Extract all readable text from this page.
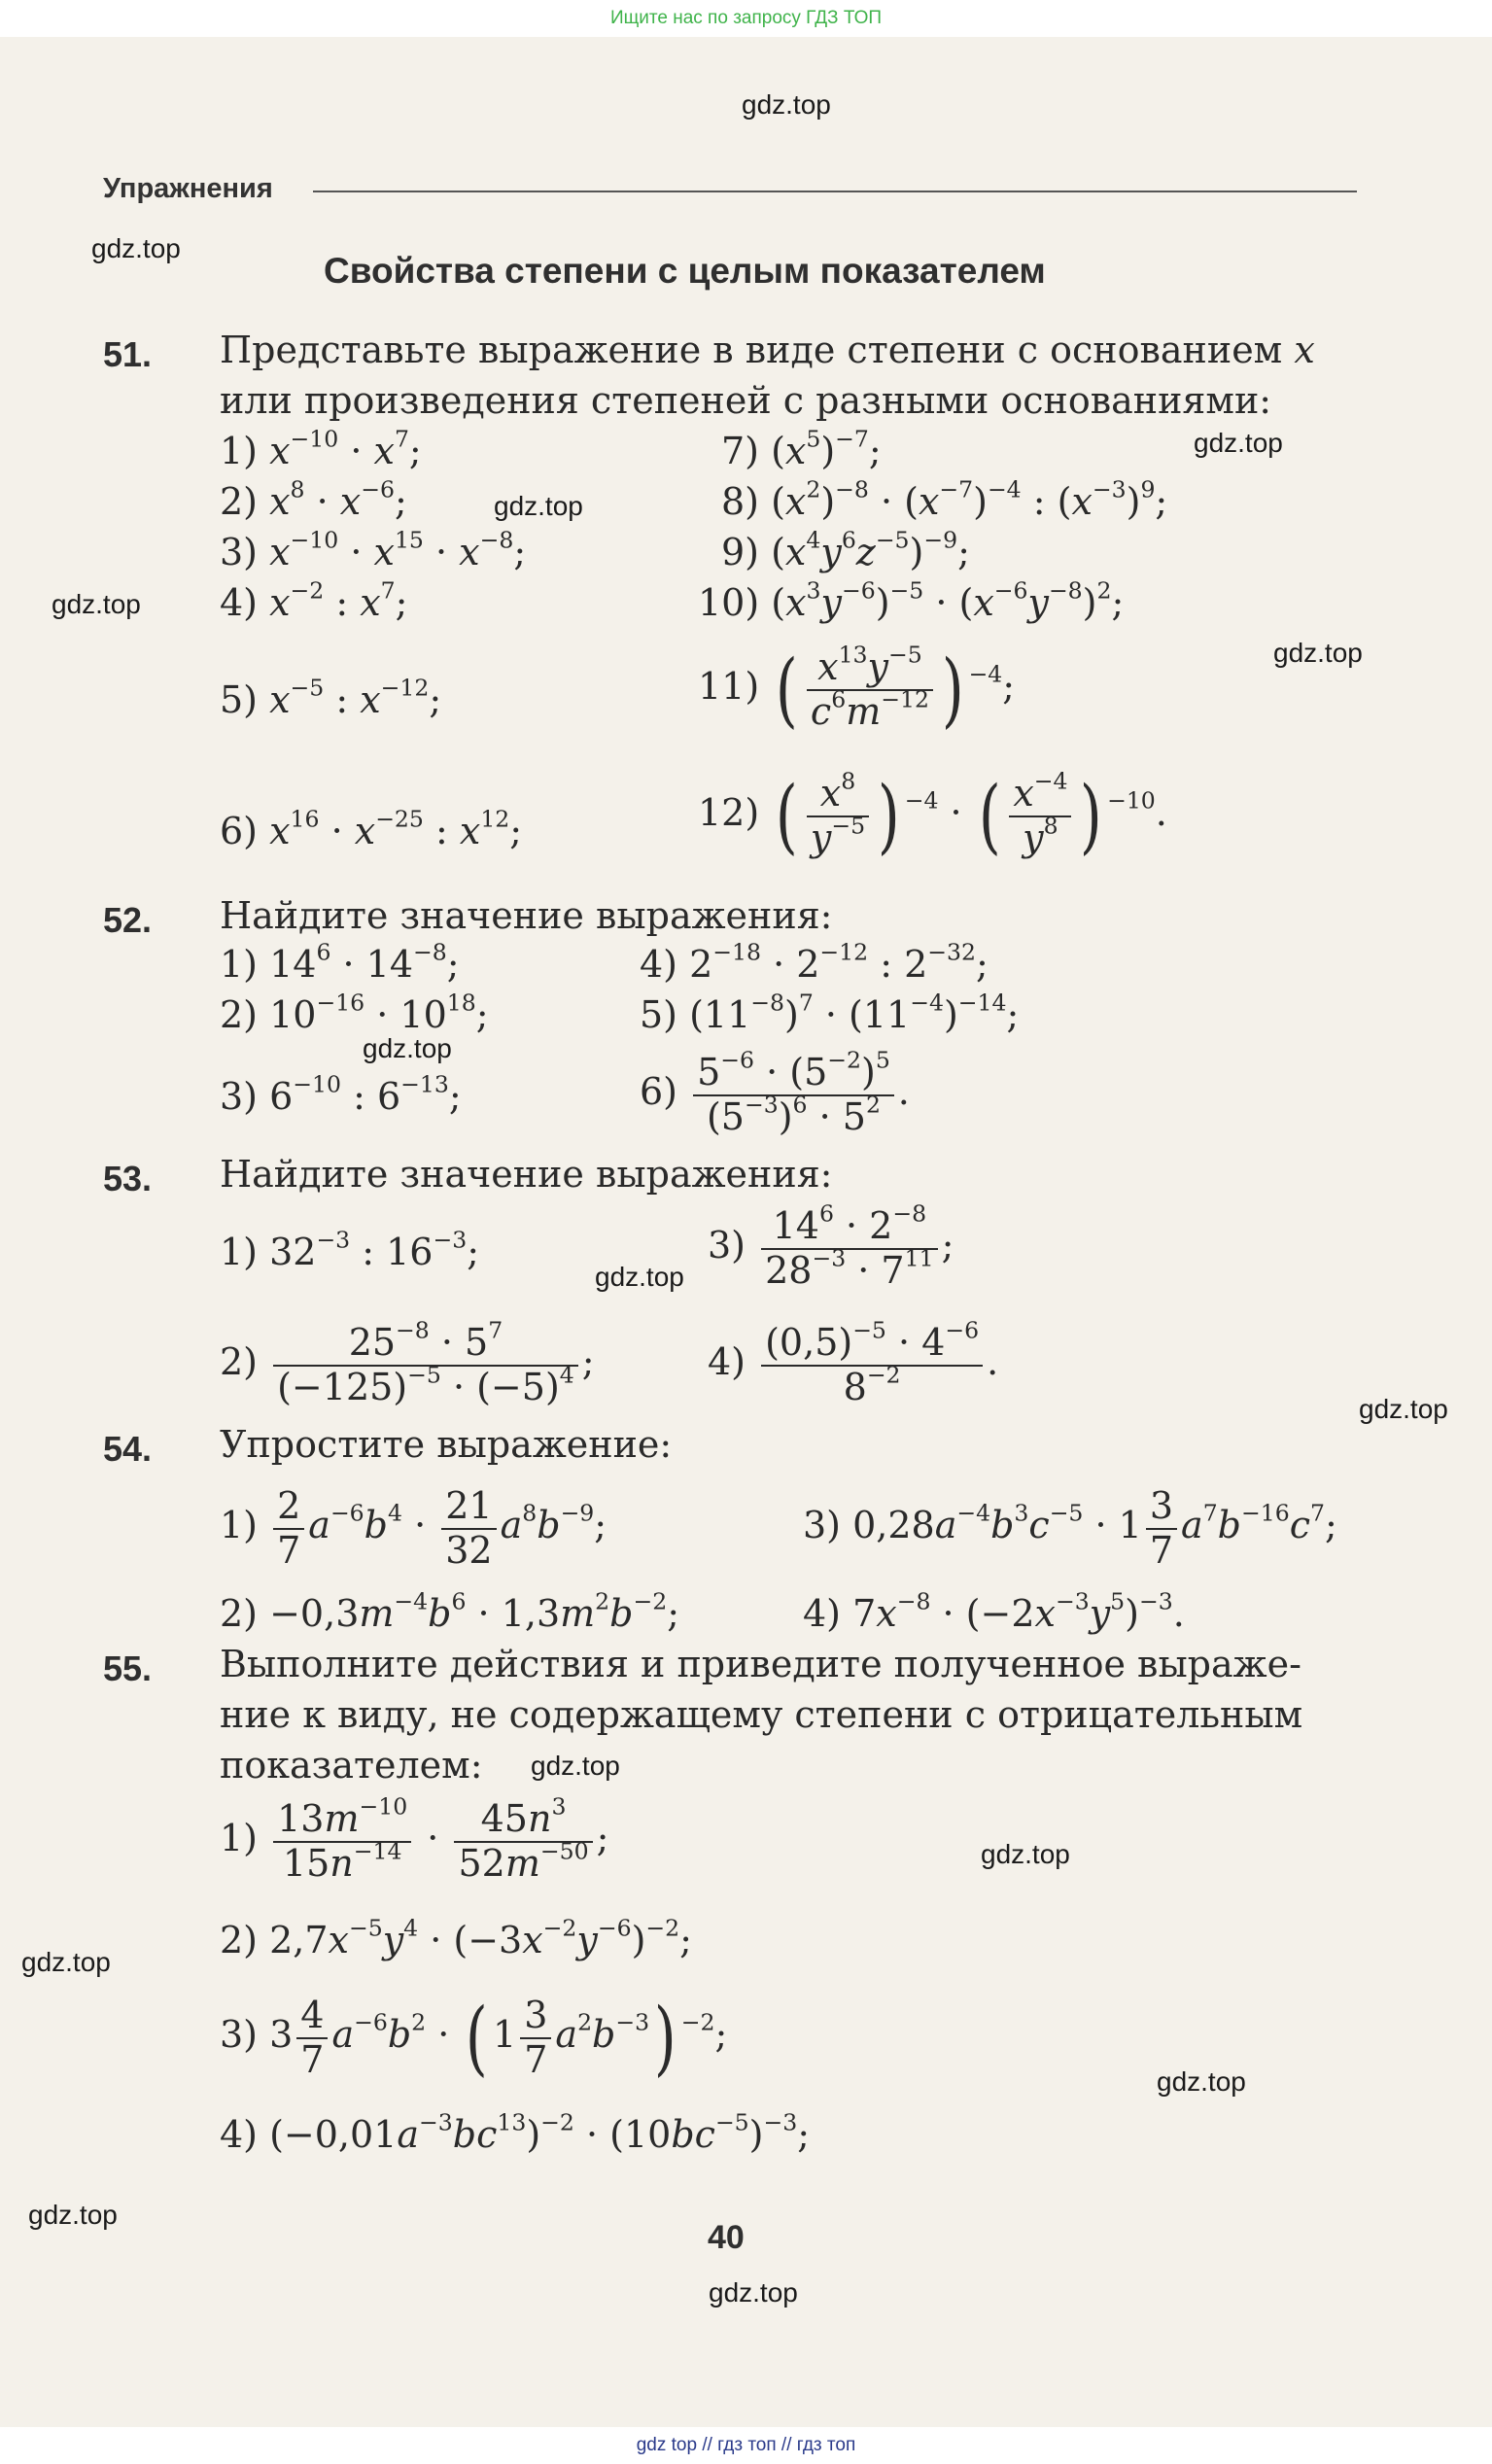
Ищите нас по запросу ГДЗ ТОП
gdz.top
gdz.top
gdz.top
gdz.top
gdz.top
gdz.top
gdz.top
gdz.top
gdz.top
gdz.top
gdz.top
gdz.top
gdz.top
gdz.top
gdz.top
Упражнения
Свойства степени с целым показателем
51. Представьте выражение в виде степени с основанием x
или произведения степеней с разными основаниями:
1) $x^{-10} \cdot x^7$;
2) $x^8 \cdot x^{-6}$;
3) $x^{-10} \cdot x^{15} \cdot x^{-8}$;
4) $x^{-2}$ : $x^7$;
5) $x^{-5}$ : $x^{-12}$;
6) $x^{16} \cdot x^{-25}$ : $x^{12}$;
7) $(x^5)^{-7}$;
8) $(x^2)^{-8} \cdot (x^{-7})^{-4}$ : $(x^{-3})^9$;
9) $(x^4y^6z^{-5})^{-9}$;
10) $(x^3y^{-6})^{-5} \cdot (x^{-6}y^{-8})^2$;
11) ( $\frac{x^{13}y^{-5}}{c^6m^{-12}}$ ) $^{-4}$;
12) ( $\frac{x^8}{y^{-5}}$ ) $^{-4}$ · ( $\frac{x^{-4}}{y^8}$ ) $^{-10}$.
52. Найдите значение выражения:
1) $14^6 \cdot 14^{-8}$;
2) $10^{-16} \cdot 10^{18}$;
3) $6^{-10}$ : $6^{-13}$;
4) $2^{-18} \cdot 2^{-12}$ : $2^{-32}$;
5) $(11^{-8})^7 \cdot (11^{-4})^{-14}$;
$6) \frac{5^{-6} \cdot (5^{-2})^5}{(5^{-3})^6 \cdot 5^2}$ .
53. Найдите значение выражения:
1) $32^{-3}$ : $16^{-3}$;
$2) \frac{25^{-8} \cdot 5^7}{(-125)^{-5} \cdot (-5)^4}$ ;
$3) \frac{14^6 \cdot 2^{-8}}{28^{-3} \cdot 7^{11}}$ ;
$4) \frac{(0,5)^{-5} \cdot 4^{-6}}{8^{-2}}$ .
54. Упростите выражение:
$1) \frac{2}{7} a^{-6}b^4 \cdot \frac{21}{32} a^8b^{-9}$;
$2) -0,3m^{-4}b^6 \cdot 1,3m^2b^{-2}$;
3) $0,28a^{-4}b^3c^{-5} \cdot 1 \frac{3}{7} a^7b^{-16}c^7$;
4) $7x^{-8} \cdot (-2x^{-3}y^5)^{-3}$.
55. Выполните действия и приведите полученное выраже-
ние к виду, не содержащему степени с отрицательным
показателем:
$1) \frac{13m^{-10}}{15n^{-14}} \cdot \frac{45n^3}{52m^{-50}}$ ;
2) $2,7x^{-5}y^4 \cdot (-3x^{-2}y^{-6})^{-2}$;
3) $3 \frac{4}{7} a^{-6}b^2$ · ( $1 \frac{3}{7} a^2b^{-3}$) $^{-2}$;
4) $(-0,01a^{-3}bc^{13})^{-2} \cdot (10bc^{-5})^{-3}$;
40
gdz top // гдз топ // гдз топ
